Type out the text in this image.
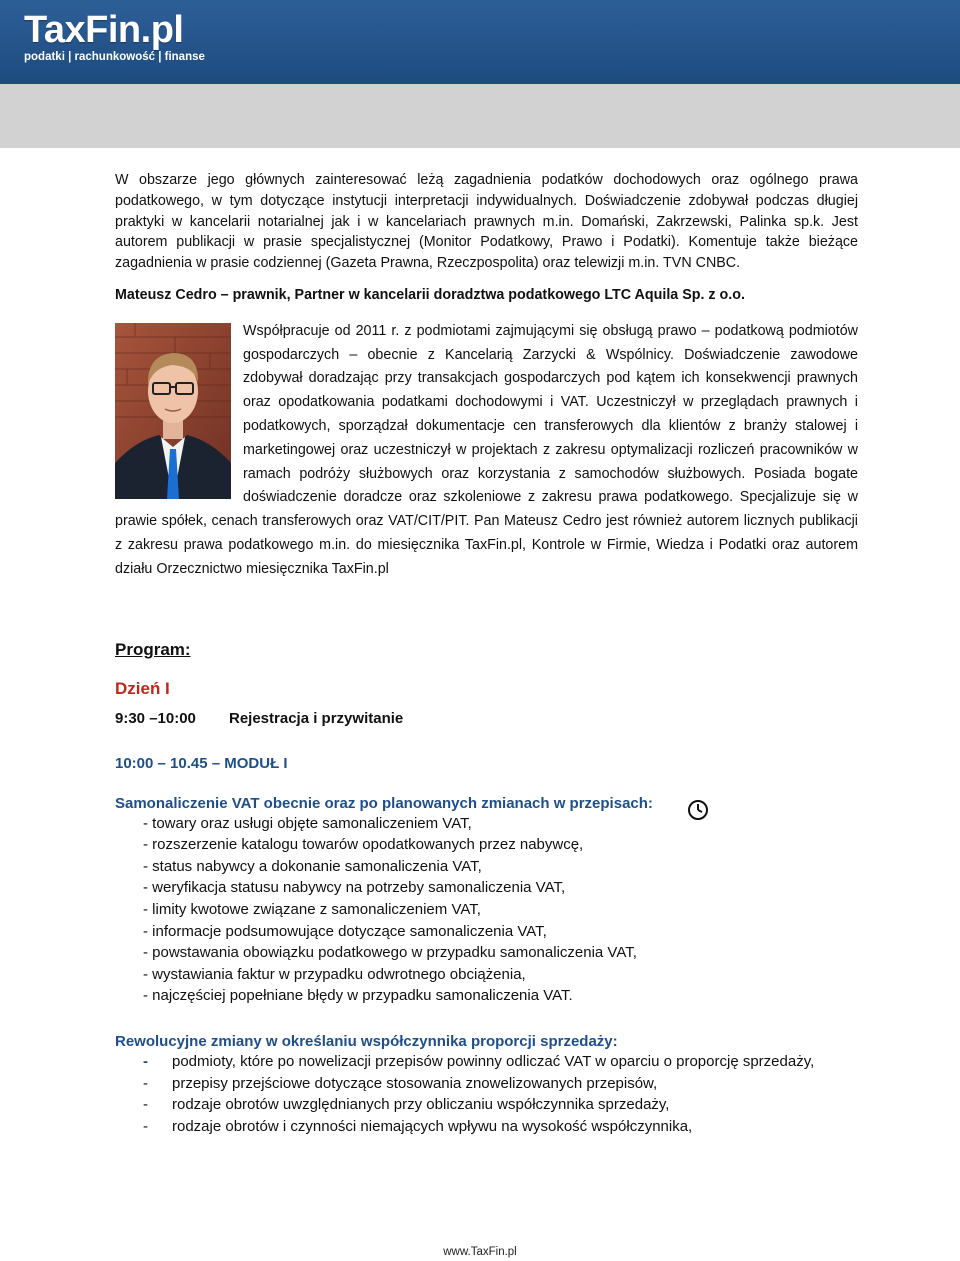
TaxFin.pl
podatki | rachunkowość | finanse

W obszarze jego głównych zainteresować leżą zagadnienia podatków dochodowych oraz ogólnego prawa podatkowego, w tym dotyczące instytucji interpretacji indywidualnych. Doświadczenie zdobywał podczas długiej praktyki w kancelarii notarialnej jak i w kancelariach prawnych m.in. Domański, Zakrzewski, Palinka sp.k. Jest autorem publikacji w prasie specjalistycznej (Monitor Podatkowy, Prawo i Podatki). Komentuje także bieżące zagadnienia w prasie codziennej (Gazeta Prawna, Rzeczpospolita) oraz telewizji m.in. TVN CNBC.

Mateusz Cedro – prawnik, Partner w kancelarii doradztwa podatkowego LTC Aquila Sp. z o.o.

Współpracuje od 2011 r. z podmiotami zajmującymi się obsługą prawo – podatkową podmiotów gospodarczych – obecnie z Kancelarią Zarzycki & Wspólnicy. Doświadczenie zawodowe zdobywał doradzając przy transakcjach gospodarczych pod kątem ich konsekwencji prawnych oraz opodatkowania podatkami dochodowymi i VAT. Uczestniczył w przeglądach prawnych i podatkowych, sporządzał dokumentacje cen transferowych dla klientów z branży stalowej i marketingowej oraz uczestniczył w projektach z zakresu optymalizacji rozliczeń pracowników w ramach podróży służbowych oraz korzystania z samochodów służbowych. Posiada bogate doświadczenie doradcze oraz szkoleniowe z zakresu prawa podatkowego. Specjalizuje się w prawie spółek, cenach transferowych oraz VAT/CIT/PIT. Pan Mateusz Cedro jest również autorem licznych publikacji z zakresu prawa podatkowego m.in. do miesięcznika TaxFin.pl, Kontrole w Firmie, Wiedza i Podatki oraz autorem działu Orzecznictwo miesięcznika TaxFin.pl

Program:
Dzień I
9:30 –10:00 Rejestracja i przywitanie
10:00 – 10.45 – MODUŁ I
Samonaliczenie VAT obecnie oraz po planowanych zmianach w przepisach:
- towary oraz usługi objęte samonaliczeniem VAT,
- rozszerzenie katalogu towarów opodatkowanych przez nabywcę,
- status nabywcy a dokonanie samonaliczenia VAT,
- weryfikacja statusu nabywcy na potrzeby samonaliczenia VAT,
- limity kwotowe związane z samonaliczeniem VAT,
- informacje podsumowujące dotyczące samonaliczenia VAT,
- powstawania obowiązku podatkowego w przypadku samonaliczenia VAT,
- wystawiania faktur w przypadku odwrotnego obciążenia,
- najczęściej popełniane błędy w przypadku samonaliczenia VAT.
Rewolucyjne zmiany w określaniu współczynnika proporcji sprzedaży:
- podmioty, które po nowelizacji przepisów powinny odliczać VAT w oparciu o proporcję sprzedaży,
- przepisy przejściowe dotyczące stosowania znowelizowanych przepisów,
- rodzaje obrotów uwzględnianych przy obliczaniu współczynnika sprzedaży,
- rodzaje obrotów i czynności niemających wpływu na wysokość współczynnika,
www.TaxFin.pl
